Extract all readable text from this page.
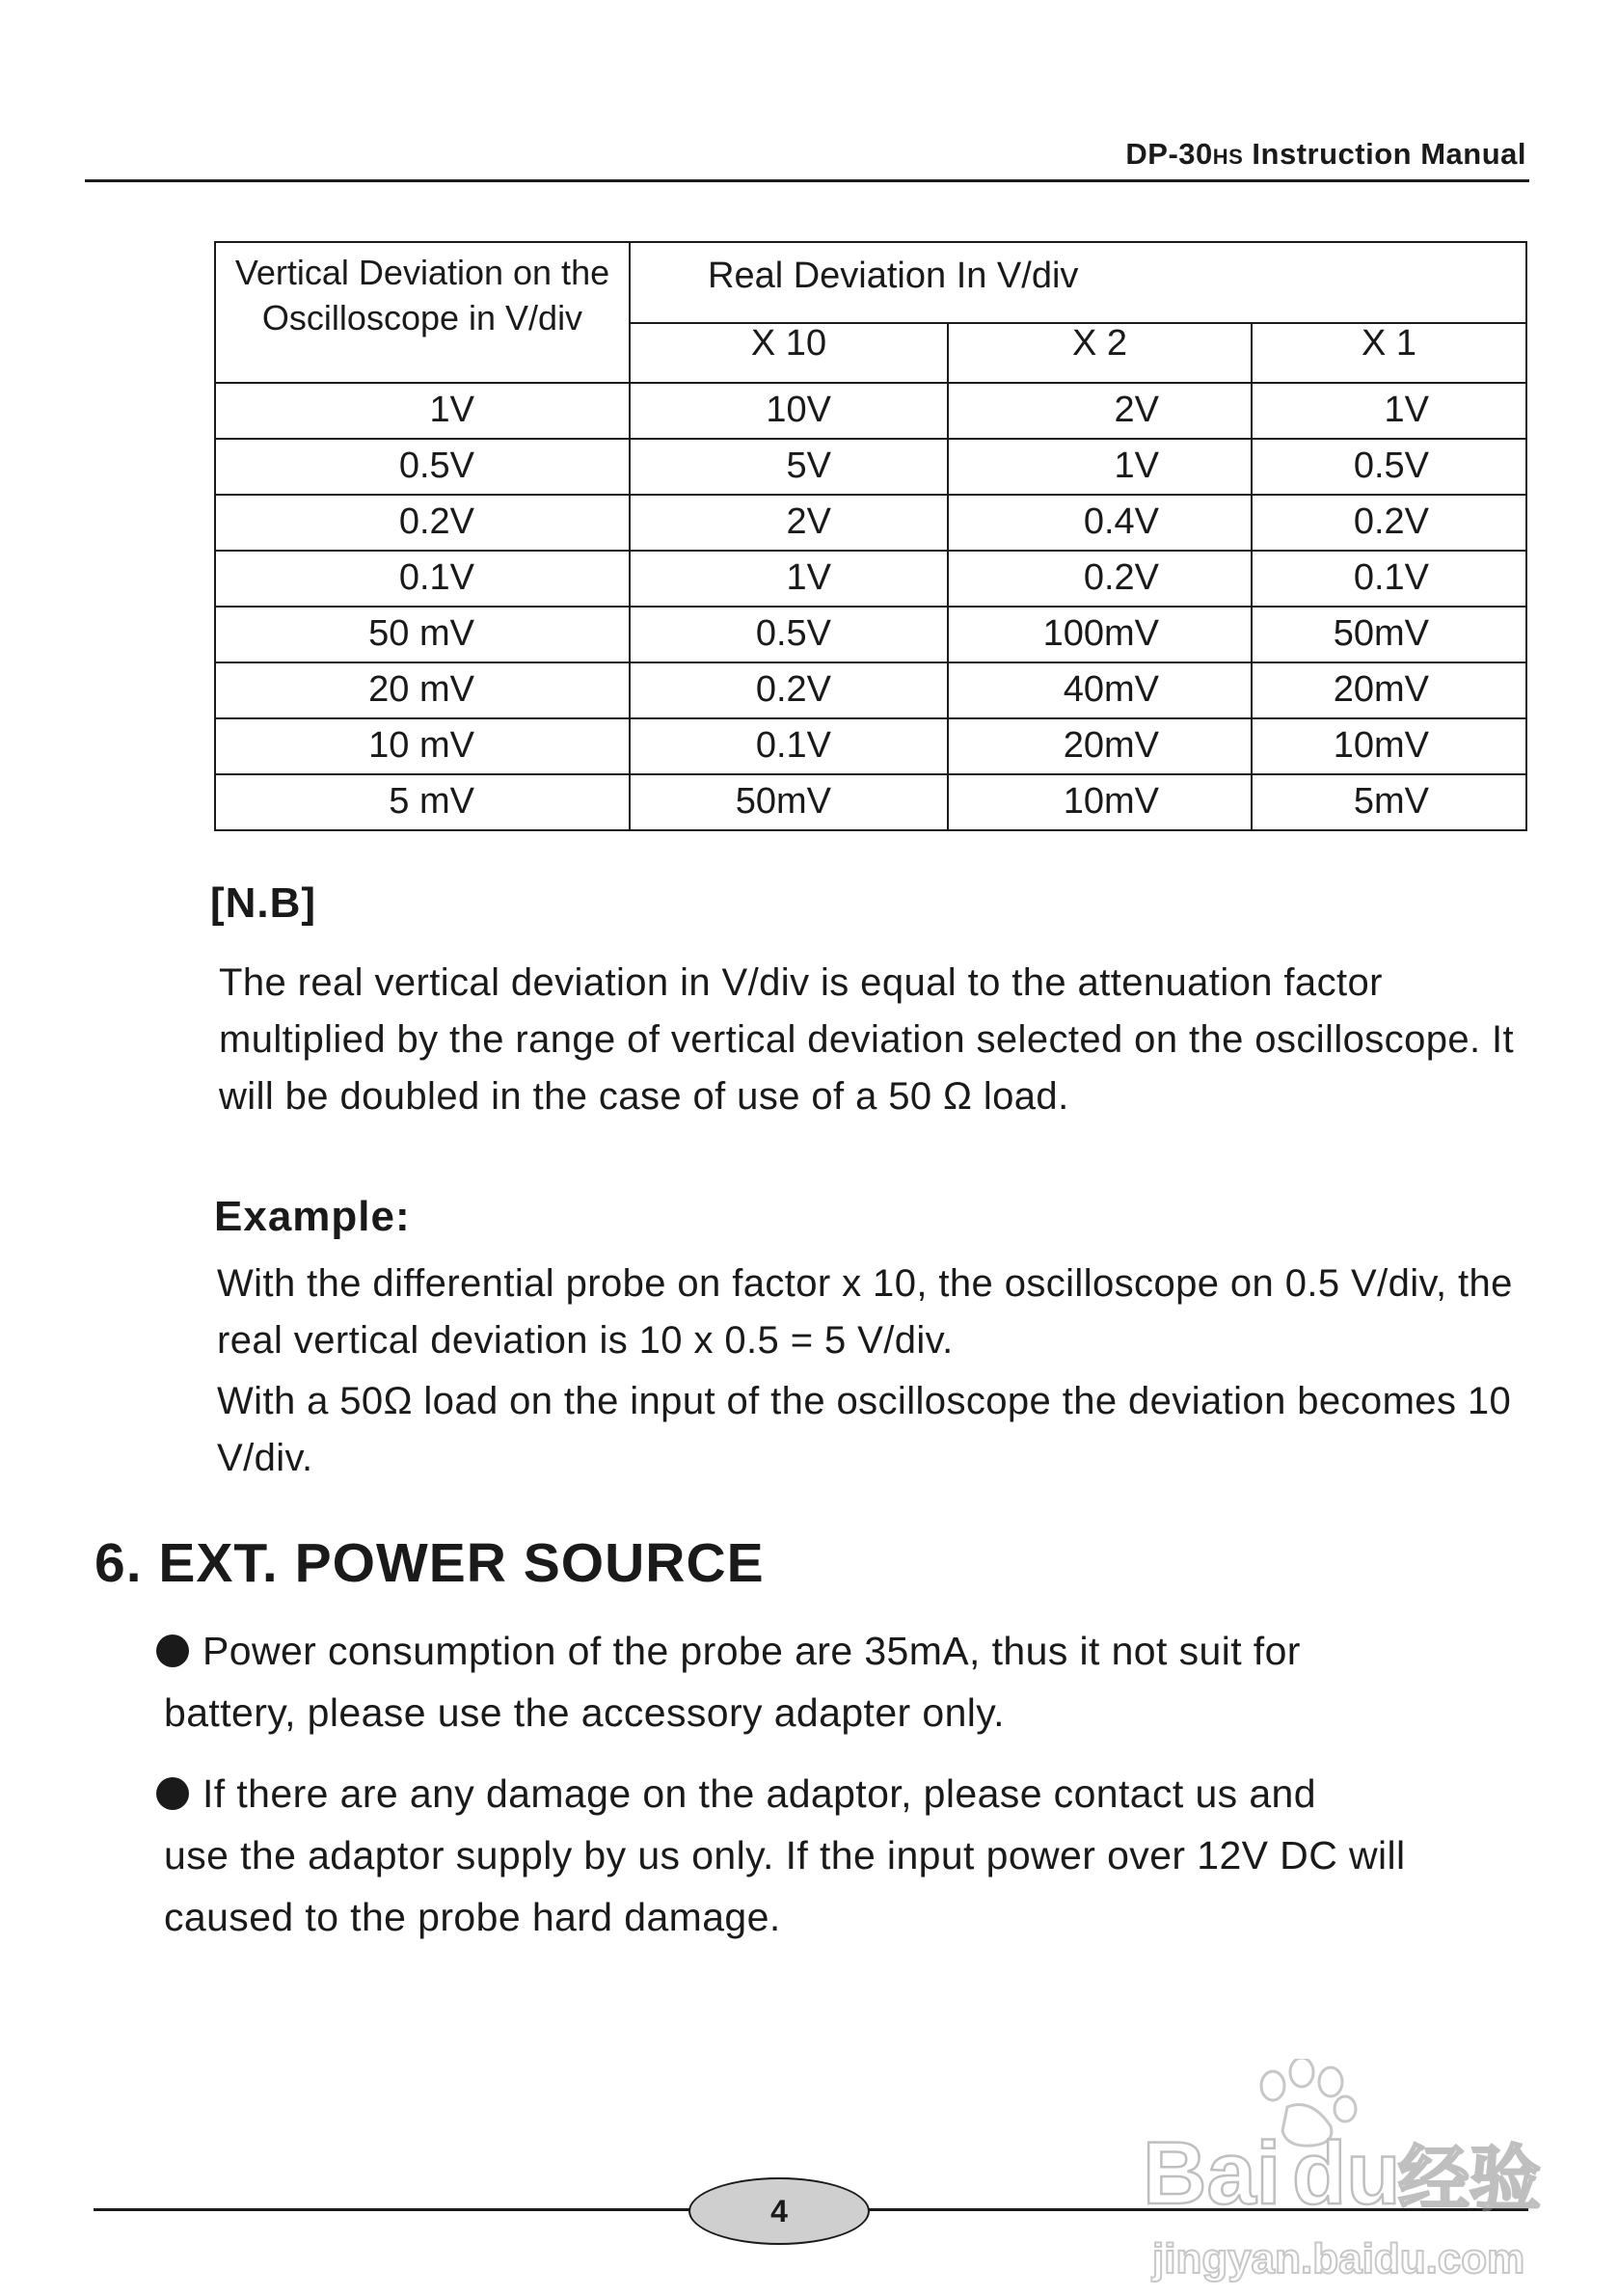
DP-30HS Instruction Manual
Vertical Deviation on the Oscilloscope in V/div	Real Deviation In V/div		
	X 10	X 2	X 1
1V	10V	2V	1V
0.5V	5V	1V	0.5V
0.2V	2V	0.4V	0.2V
0.1V	1V	0.2V	0.1V
50 mV	0.5V	100mV	50mV
20 mV	0.2V	40mV	20mV
10 mV	0.1V	20mV	10mV
5 mV	50mV	10mV	5mV
[N.B]
The real vertical deviation in V/div is equal to the attenuation factor multiplied by the range of vertical deviation selected on the oscilloscope. It will be doubled in the case of use of a 50 Ω load.
Example:
With the differential probe on factor x 10, the oscilloscope on 0.5 V/div, the real vertical deviation is 10 x 0.5 = 5 V/div.
With a 50Ω load on the input of the oscilloscope the deviation becomes 10 V/div.
6. EXT. POWER SOURCE
Power consumption of the probe are 35mA, thus it not suit for
battery, please use the accessory adapter only.
If there are any damage on the adaptor, please contact us and
use the adaptor supply by us only. If the input power over 12V DC will caused to the probe hard damage.
4	Bai du
经验
jingyan.baidu.com
